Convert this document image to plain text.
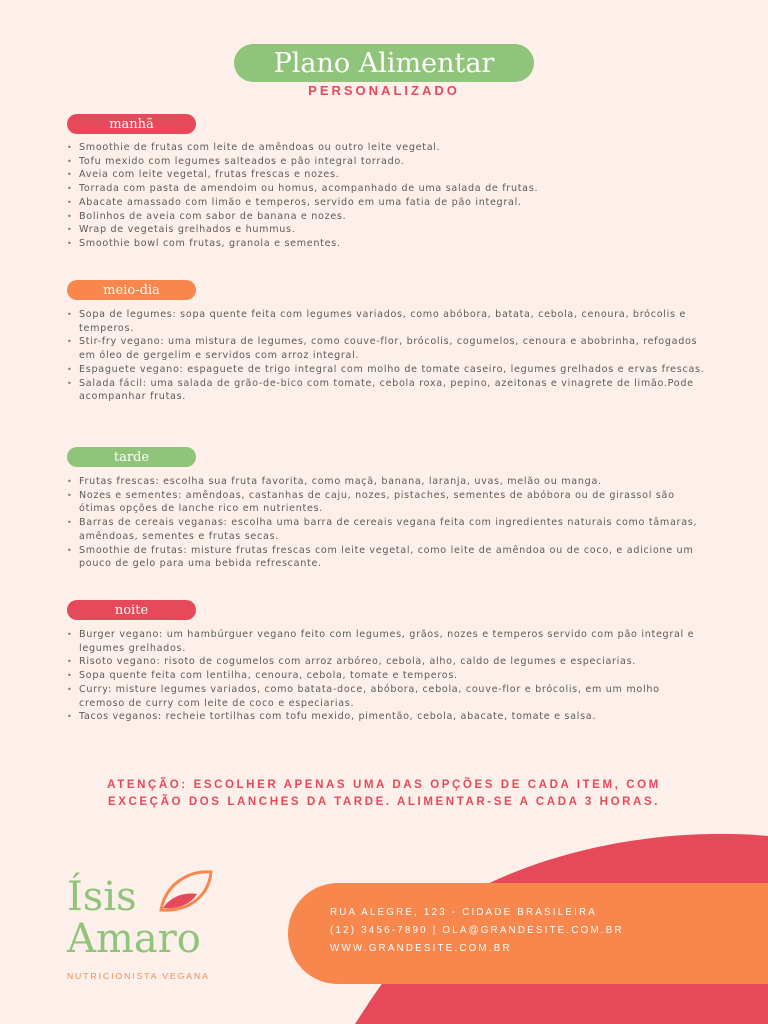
Plano Alimentar
PERSONALIZADO
manhã
• Smoothie de frutas com leite de amêndoas ou outro leite vegetal.
• Tofu mexido com legumes salteados e pão integral torrado.
• Aveia com leite vegetal, frutas frescas e nozes.
• Torrada com pasta de amendoim ou homus, acompanhado de uma salada de frutas.
• Abacate amassado com limão e temperos, servido em uma fatia de pão integral.
• Bolinhos de aveia com sabor de banana e nozes.
• Wrap de vegetais grelhados e hummus.
• Smoothie bowl com frutas, granola e sementes.
meio-dia
• Sopa de legumes: sopa quente feita com legumes variados, como abóbora, batata, cebola, cenoura, brócolis e temperos.
• Stir-fry vegano: uma mistura de legumes, como couve-flor, brócolis, cogumelos, cenoura e abobrinha, refogados em óleo de gergelim e servidos com arroz integral.
• Espaguete vegano: espaguete de trigo integral com molho de tomate caseiro, legumes grelhados e ervas frescas.
• Salada fácil: uma salada de grão-de-bico com tomate, cebola roxa, pepino, azeitonas e vinagrete de limão.Pode acompanhar frutas.
tarde
• Frutas frescas: escolha sua fruta favorita, como maçã, banana, laranja, uvas, melão ou manga.
• Nozes e sementes: amêndoas, castanhas de caju, nozes, pistaches, sementes de abóbora ou de girassol são ótimas opções de lanche rico em nutrientes.
• Barras de cereais veganas: escolha uma barra de cereais vegana feita com ingredientes naturais como tâmaras, amêndoas, sementes e frutas secas.
• Smoothie de frutas: misture frutas frescas com leite vegetal, como leite de amêndoa ou de coco, e adicione um pouco de gelo para uma bebida refrescante.
noite
• Burger vegano: um hambúrguer vegano feito com legumes, grãos, nozes e temperos servido com pão integral e legumes grelhados.
• Risoto vegano: risoto de cogumelos com arroz arbóreo, cebola, alho, caldo de legumes e especiarias.
• Sopa quente feita com lentilha, cenoura, cebola, tomate e temperos.
• Curry: misture legumes variados, como batata-doce, abóbora, cebola, couve-flor e brócolis, em um molho cremoso de curry com leite de coco e especiarias.
• Tacos veganos: recheie tortilhas com tofu mexido, pimentão, cebola, abacate, tomate e salsa.
ATENÇÃO: ESCOLHER APENAS UMA DAS OPÇÕES DE CADA ITEM, COM
EXCEÇÃO DOS LANCHES DA TARDE. ALIMENTAR-SE A CADA 3 HORAS.
Ísis
Amaro
NUTRICIONISTA VEGANA
RUA ALEGRE, 123 - CIDADE BRASILEIRA
(12) 3456-7890 | OLA@GRANDESITE.COM.BR
WWW.GRANDESITE.COM.BR
